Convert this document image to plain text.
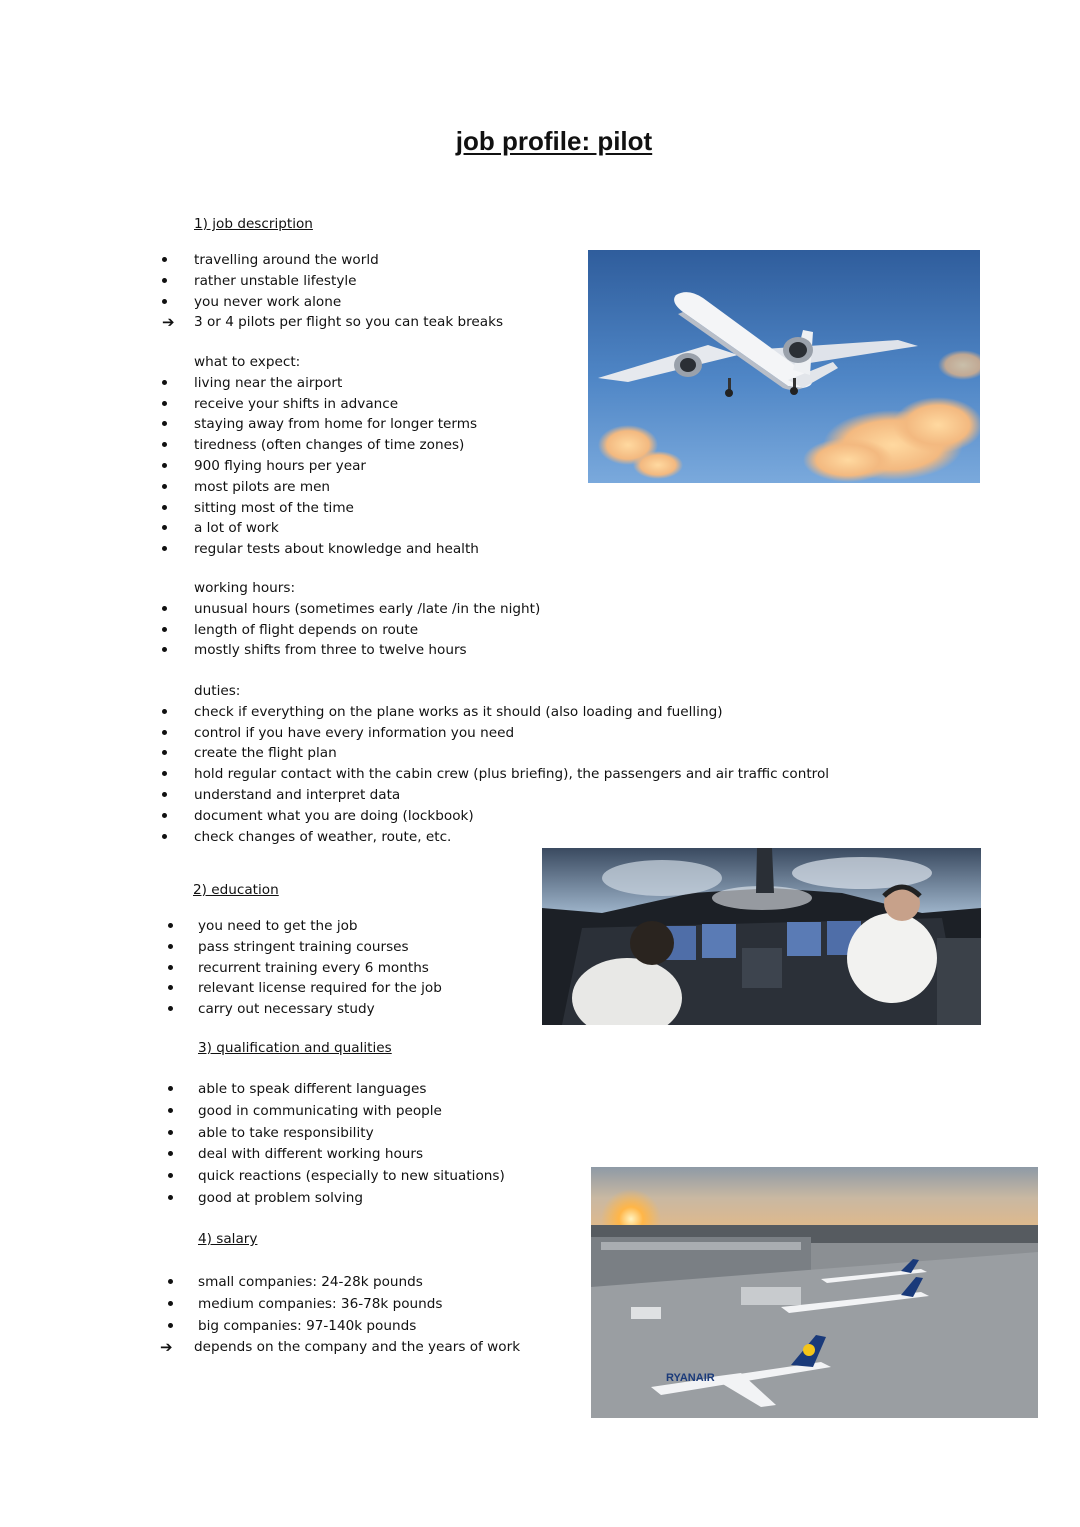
job profile: pilot
1) job description
travelling around the world
rather unstable lifestyle
you never work alone
➔ 3 or 4 pilots per flight so you can teak breaks
what to expect:
living near the airport
receive your shifts in advance
staying away from home for longer terms
tiredness (often changes of time zones)
900 flying hours per year
most pilots are men
sitting most of the time
a lot of work
regular tests about knowledge and health
working hours:
unusual hours (sometimes early /late /in the night)
length of flight depends on route
mostly shifts from three to twelve hours
duties:
check if everything on the plane works as it should (also loading and fuelling)
control if you have every information you need
create the flight plan
hold regular contact with the cabin crew (plus briefing), the passengers and air traffic control
understand and interpret data
document what you are doing (lockbook)
check changes of weather, route, etc.
2) education
you need to get the job
pass stringent training courses
recurrent training every 6 months
relevant license required for the job
carry out necessary study
3) qualification and qualities
able to speak different languages
good in communicating with people
able to take responsibility
deal with different working hours
quick reactions (especially to new situations)
good at problem solving
4) salary
small companies: 24-28k pounds
medium companies: 36-78k pounds
big companies: 97-140k pounds
➔ depends on the company and the years of work
RYANAIR
